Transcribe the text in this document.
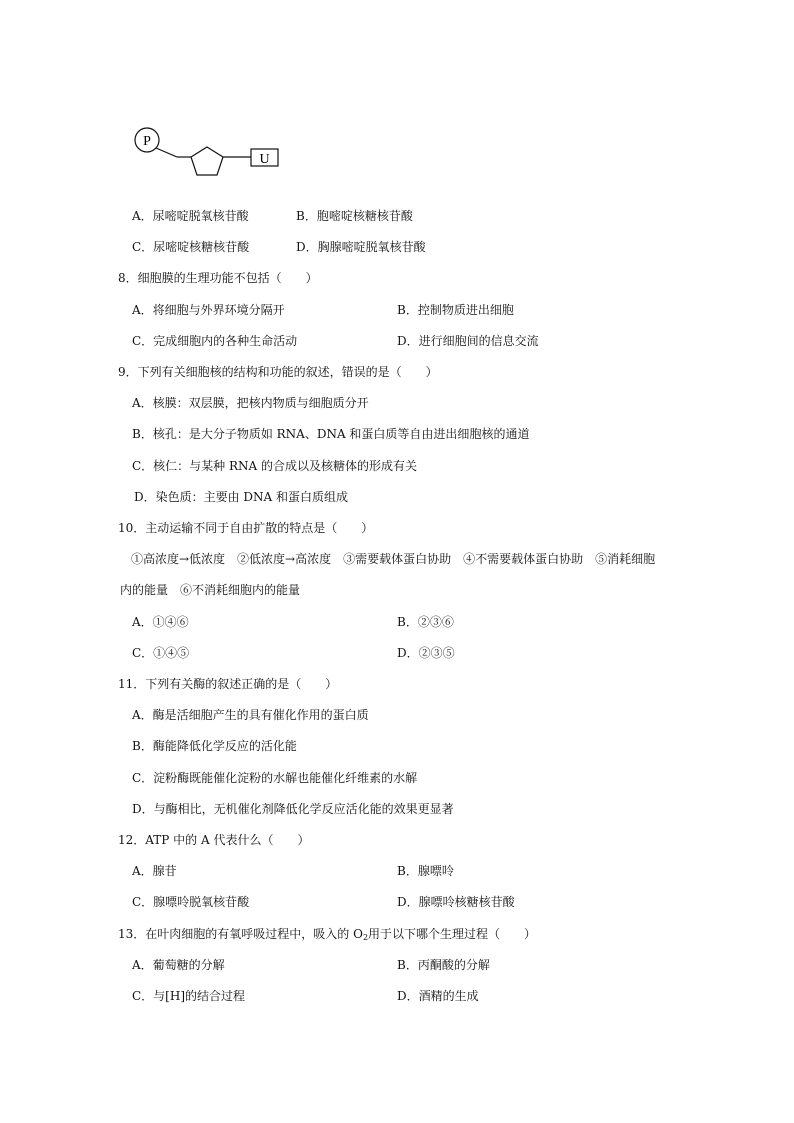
P
U
A．尿嘧啶脱氧核苷酸	B．胞嘧啶核糖核苷酸
C．尿嘧啶核糖核苷酸	D．胸腺嘧啶脱氧核苷酸
8．细胞膜的生理功能不包括（　　）
A．将细胞与外界环境分隔开	B．控制物质进出细胞
C．完成细胞内的各种生命活动	D．进行细胞间的信息交流
9．下列有关细胞核的结构和功能的叙述，错误的是（　　）
A．核膜：双层膜，把核内物质与细胞质分开
B．核孔：是大分子物质如 RNA、DNA 和蛋白质等自由进出细胞核的通道
C．核仁：与某种 RNA 的合成以及核糖体的形成有关
D．染色质：主要由 DNA 和蛋白质组成
10．主动运输不同于自由扩散的特点是（　　）
①高浓度→低浓度　②低浓度→高浓度　③需要载体蛋白协助　④不需要载体蛋白协助　⑤消耗细胞
内的能量　⑥不消耗细胞内的能量
A．①④⑥	B．②③⑥
C．①④⑤	D．②③⑤
11．下列有关酶的叙述正确的是（　　）
A．酶是活细胞产生的具有催化作用的蛋白质
B．酶能降低化学反应的活化能
C．淀粉酶既能催化淀粉的水解也能催化纤维素的水解
D．与酶相比，无机催化剂降低化学反应活化能的效果更显著
12．ATP 中的 A 代表什么（　　）
A．腺苷	B．腺嘌呤
C．腺嘌呤脱氧核苷酸	D．腺嘌呤核糖核苷酸
13．在叶肉细胞的有氧呼吸过程中，吸入的 $O_2$用于以下哪个生理过程（　　）
A．葡萄糖的分解	B．丙酮酸的分解
C．与[H]的结合过程	D．酒精的生成
